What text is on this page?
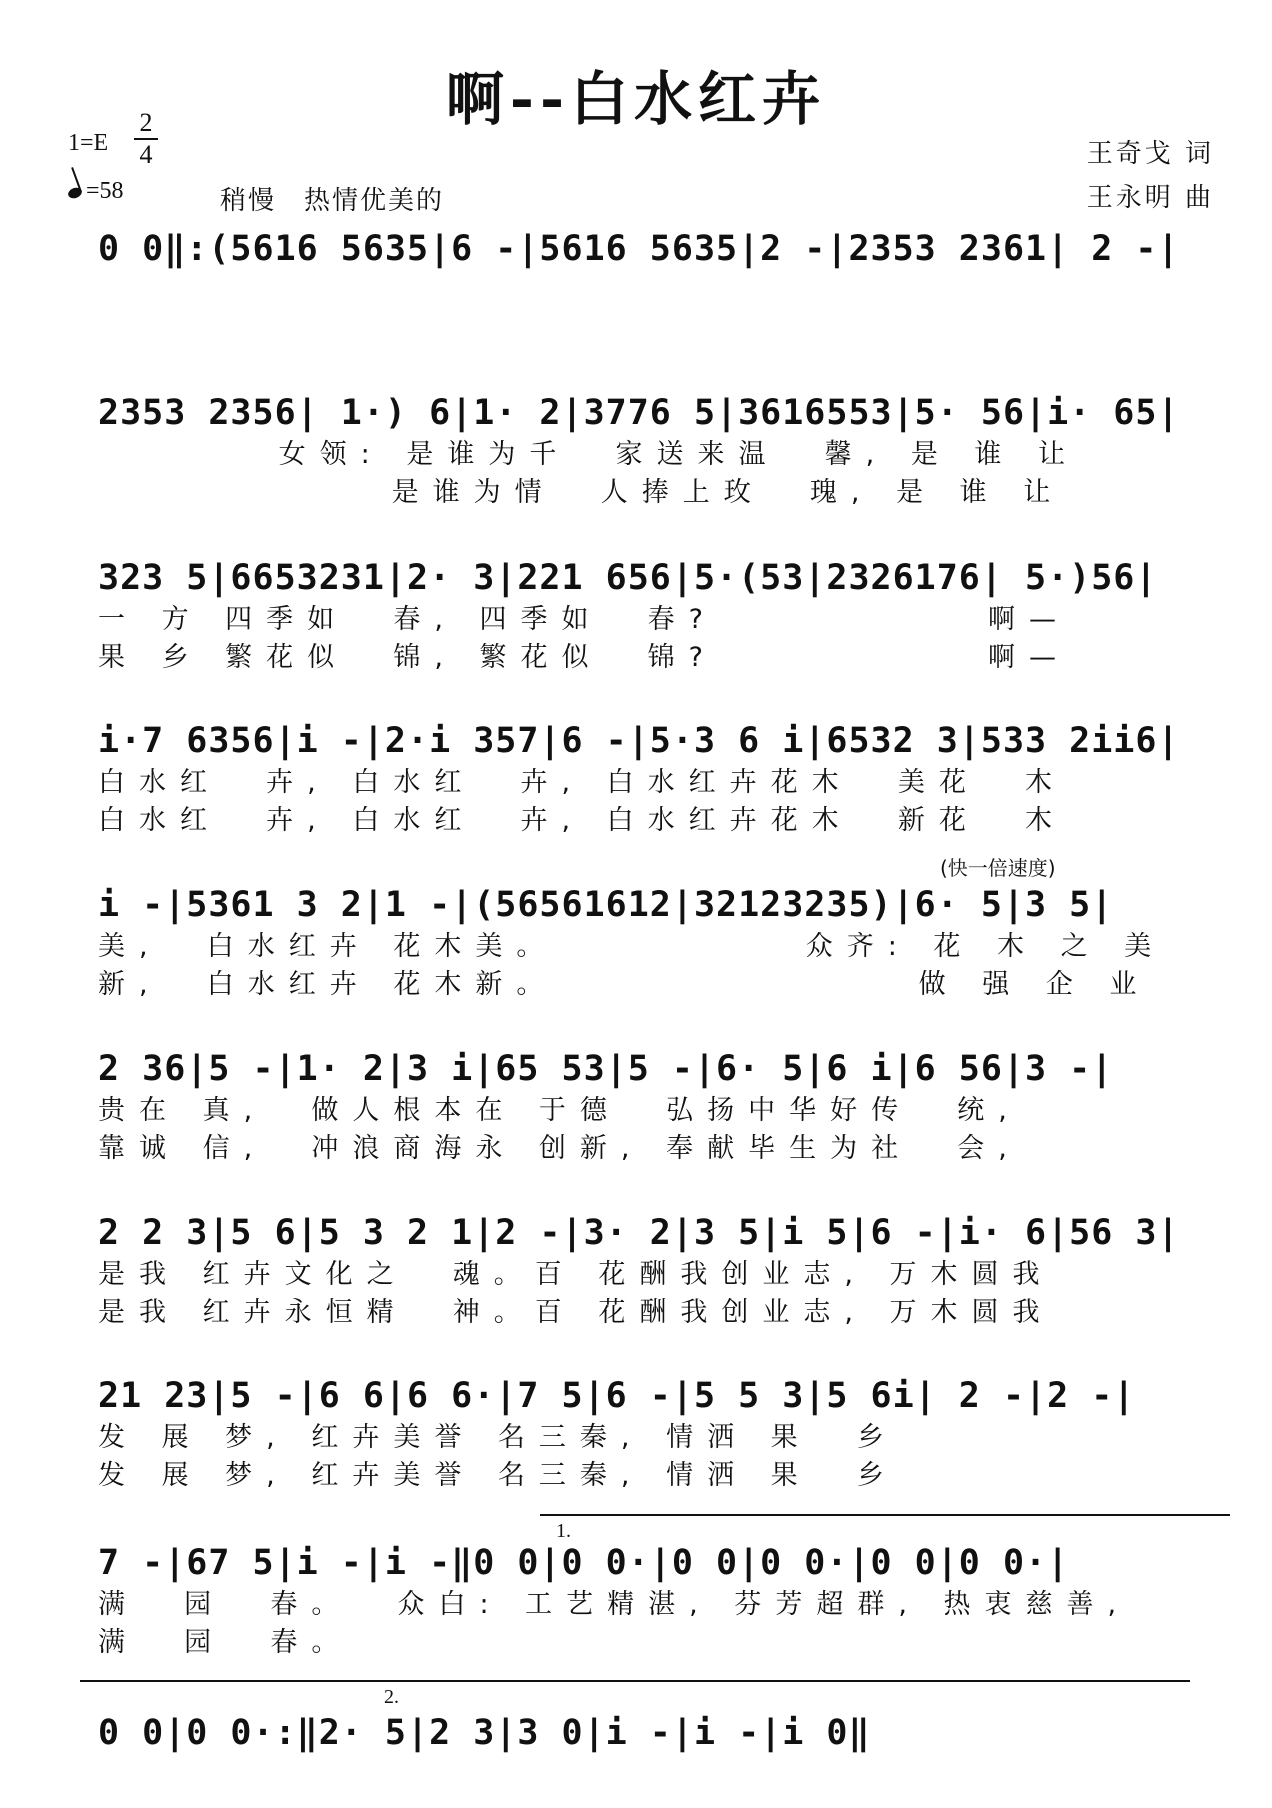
啊--白水红卉
1=E
2
4
=58	稍慢　热情优美的
王奇戈 词
王永明 曲
0 0‖:(5616 5635|6 -|5616 5635|2 -|2353 2361| 2 -|
2353 2356| 1·) 6|1· 2|3776 5|3616553|5· 56|i· 65|
女领: 是谁为千  家送来温  馨, 是 谁 让
是谁为情  人捧上玫  瑰, 是 谁 让
323 5|6653231|2· 3|221 656|5·(53|2326176| 5·)56|
一 方 四季如  春, 四季如  春?            啊—
果 乡 繁花似  锦, 繁花似  锦?            啊—
i·7 6356|i -|2·i 357|6 -|5·3 6 i|6532 3|533 2ii6|
白水红  卉, 白水红  卉, 白水红卉花木  美花  木
白水红  卉, 白水红  卉, 白水红卉花木  新花  木
(快一倍速度)
i -|5361 3 2|1 -|(56561612|32123235)|6· 5|3 5|
美,  白水红卉 花木美。           众齐: 花 木 之 美
新,  白水红卉 花木新。                做 强 企 业
2 36|5 -|1· 2|3 i|65 53|5 -|6· 5|6 i|6 56|3 -|
贵在 真,  做人根本在 于德  弘扬中华好传  统,
靠诚 信,  冲浪商海永 创新, 奉献毕生为社  会,
2 2 3|5 6|5 3 2 1|2 -|3· 2|3 5|i 5|6 -|i· 6|56 3|
是我 红卉文化之  魂。百 花酬我创业志, 万木圆我
是我 红卉永恒精  神。百 花酬我创业志, 万木圆我
21 23|5 -|6 6|6 6·|7 5|6 -|5 5 3|5 6i| 2 -|2 -|
发 展 梦, 红卉美誉 名三秦, 情洒 果  乡
发 展 梦, 红卉美誉 名三秦, 情洒 果  乡
1.
7 -|67 5|i -|i -‖0 0|0 0·|0 0|0 0·|0 0|0 0·|
满  园  春。  众白: 工艺精湛, 芬芳超群, 热衷慈善,
满  园  春。
2.
0 0|0 0·:‖2· 5|2 3|3 0|i -|i -|i 0‖
